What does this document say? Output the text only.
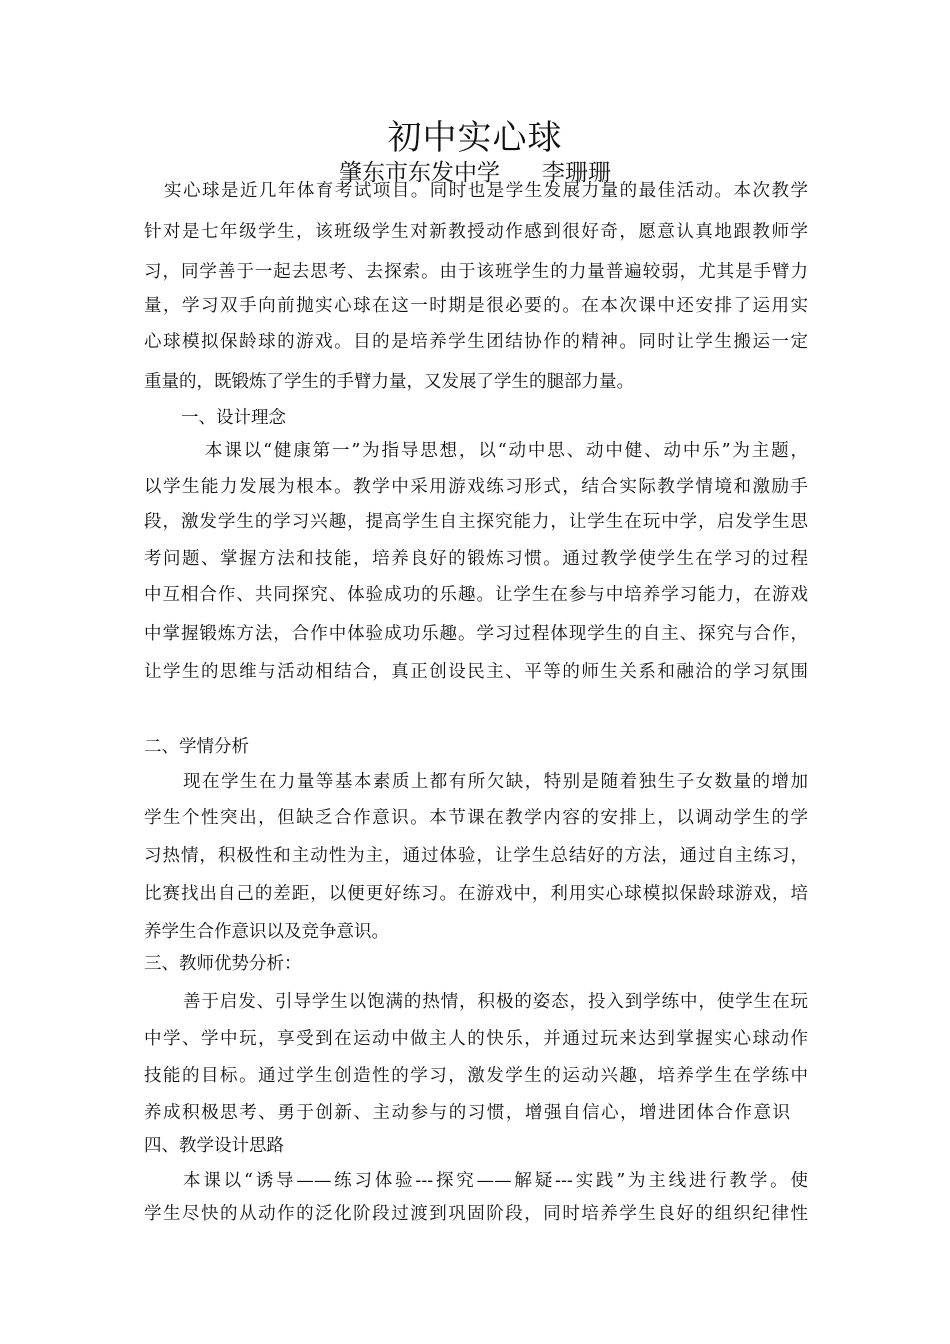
初中实心球
肇东市东发中学 李珊珊
实心球是近几年体育考试项目。同时也是学生发展力量的最佳活动。本次教学
针对是七年级学生，该班级学生对新教授动作感到很好奇，愿意认真地跟教师学
习，同学善于一起去思考、去探索。由于该班学生的力量普遍较弱，尤其是手臂力
量，学习双手向前抛实心球在这一时期是很必要的。在本次课中还安排了运用实
心球模拟保龄球的游戏。目的是培养学生团结协作的精神。同时让学生搬运一定
重量的，既锻炼了学生的手臂力量，又发展了学生的腿部力量。
一、设计理念
本课以“健康第一”为指导思想，以“动中思、动中健、动中乐”为主题，
以学生能力发展为根本。教学中采用游戏练习形式，结合实际教学情境和激励手
段，激发学生的学习兴趣，提高学生自主探究能力，让学生在玩中学，启发学生思
考问题、掌握方法和技能，培养良好的锻炼习惯。通过教学使学生在学习的过程
中互相合作、共同探究、体验成功的乐趣。让学生在参与中培养学习能力，在游戏
中掌握锻炼方法，合作中体验成功乐趣。学习过程体现学生的自主、探究与合作，
让学生的思维与活动相结合，真正创设民主、平等的师生关系和融洽的学习氛围
二、学情分析
现在学生在力量等基本素质上都有所欠缺，特别是随着独生子女数量的增加
学生个性突出，但缺乏合作意识。本节课在教学内容的安排上，以调动学生的学
习热情，积极性和主动性为主，通过体验，让学生总结好的方法，通过自主练习，
比赛找出自己的差距，以便更好练习。在游戏中，利用实心球模拟保龄球游戏，培
养学生合作意识以及竞争意识。
三、教师优势分析：
善于启发、引导学生以饱满的热情，积极的姿态，投入到学练中，使学生在玩
中学、学中玩，享受到在运动中做主人的快乐，并通过玩来达到掌握实心球动作
技能的目标。通过学生创造性的学习，激发学生的运动兴趣，培养学生在学练中
养成积极思考、勇于创新、主动参与的习惯，增强自信心，增进团体合作意识
四、教学设计思路
本课以“诱导——练习体验---探究——解疑---实践”为主线进行教学。使
学生尽快的从动作的泛化阶段过渡到巩固阶段，同时培养学生良好的组织纪律性
